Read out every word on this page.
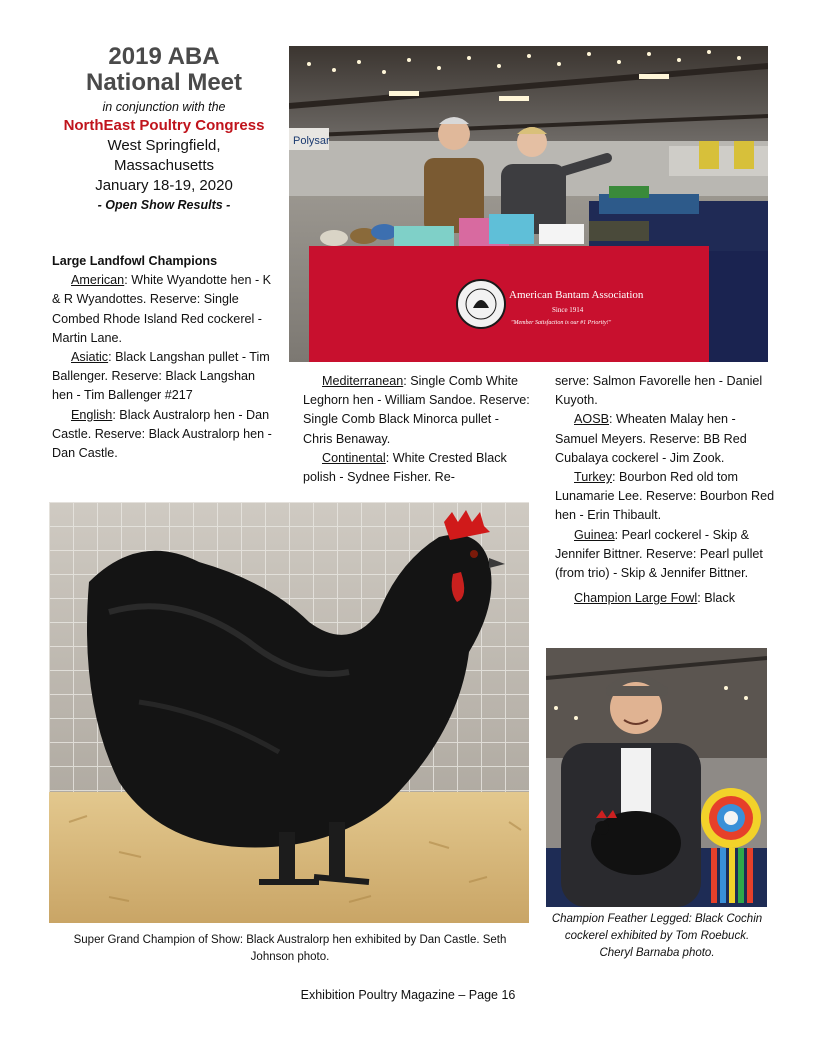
2019 ABA
National Meet
in conjunction with the
NorthEast Poultry Congress
West Springfield,
Massachusetts
January 18-19, 2020
- Open Show Results -
Large Landfowl Champions

American: White Wyandotte hen - K & R Wyandottes. Reserve: Single Combed Rhode Island Red cockerel - Martin Lane.

Asiatic: Black Langshan pullet - Tim Ballenger. Reserve: Black Langshan hen - Tim Ballenger #217

English: Black Australorp hen - Dan Castle. Reserve: Black Australorp hen - Dan Castle.

Mediterranean: Single Comb White Leghorn hen - William Sandoe. Reserve: Single Comb Black Minorca pullet - Chris Benaway.

Continental: White Crested Black polish - Sydnee Fisher. Re-

serve: Salmon Favorelle hen - Daniel Kuyoth.

AOSB: Wheaten Malay hen - Samuel Meyers. Reserve: BB Red Cubalaya cockerel - Jim Zook.

Turkey: Bourbon Red old tom Lunamarie Lee. Reserve: Bourbon Red hen - Erin Thibault.

Guinea: Pearl cockerel - Skip & Jennifer Bittner. Reserve: Pearl pullet (from trio) - Skip & Jennifer Bittner.

Champion Large Fowl: Black

Polysar
American Bantam Association
Since 1914
"Member Satisfaction is our #1 Priority!"
Super Grand Champion of Show: Black Australorp hen exhibited by Dan Castle. Seth Johnson photo.
Champion Feather Legged: Black Cochin cockerel exhibited by Tom Roebuck. Cheryl Barnaba photo.
Exhibition Poultry Magazine – Page 16
